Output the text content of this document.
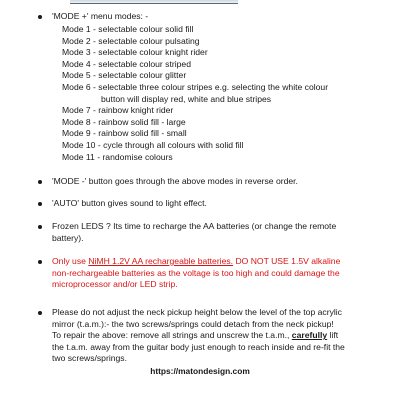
'MODE +' menu modes: -
Mode 1 - selectable colour solid fill
Mode 2 - selectable colour pulsating
Mode 3 - selectable colour knight rider
Mode 4 - selectable colour striped
Mode 5 - selectable colour glitter
Mode 6 - selectable three colour stripes e.g. selecting the white colour
button will display red, white and blue stripes
Mode 7 - rainbow knight rider
Mode 8 - rainbow solid fill - large
Mode 9 - rainbow solid fill - small
Mode 10 - cycle through all colours with solid fill
Mode 11 - randomise colours
'MODE -' button goes through the above modes in reverse order.
'AUTO' button gives sound to light effect.

Frozen LEDS ? Its time to recharge the AA batteries (or change the remote

battery).

Only use NiMH 1.2V AA rechargeable batteries. DO NOT USE 1.5V alkaline

non-rechargeable batteries as the voltage is too high and could damage the

microprocessor and/or LED strip.

Please do not adjust the neck pickup height below the level of the top acrylic

mirror (t.a.m.):- the two screws/springs could detach from the neck pickup!

To repair the above: remove all strings and unscrew the t.a.m., carefully lift

the t.a.m. away from the guitar body just enough to reach inside and re-fit the

two screws/springs.

https://matondesign.com
